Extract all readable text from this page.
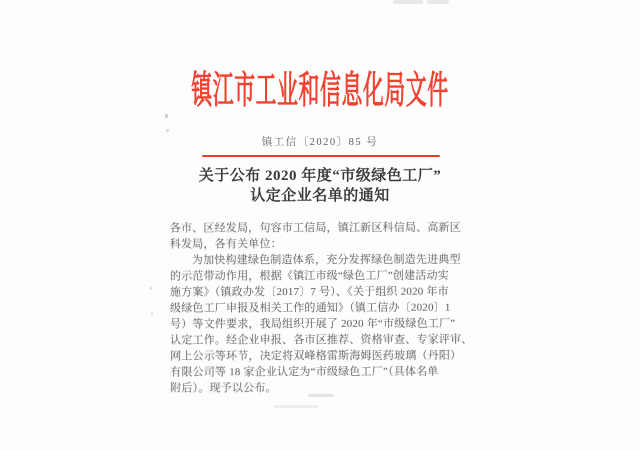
镇江市工业和信息化局文件
镇工信〔2020〕85 号
关于公布 2020 年度“市级绿色工厂”
认定企业名单的通知
各市、区经发局，句容市工信局，镇江新区科信局、高新区
科发局，各有关单位：
为加快构建绿色制造体系，充分发挥绿色制造先进典型
的示范带动作用，根据《镇江市级“绿色工厂”创建活动实
施方案》（镇政办发〔2017〕7 号）、《关于组织 2020 年市
级绿色工厂申报及相关工作的通知》（镇工信办〔2020〕1
号）等文件要求，我局组织开展了 2020 年“市级绿色工厂”
认定工作。经企业申报、各市区推荐、资格审查、专家评审、
网上公示等环节，决定将双峰格雷斯海姆医药玻璃（丹阳）
有限公司等 18 家企业认定为“市级绿色工厂”（具体名单
附后）。现予以公布。
